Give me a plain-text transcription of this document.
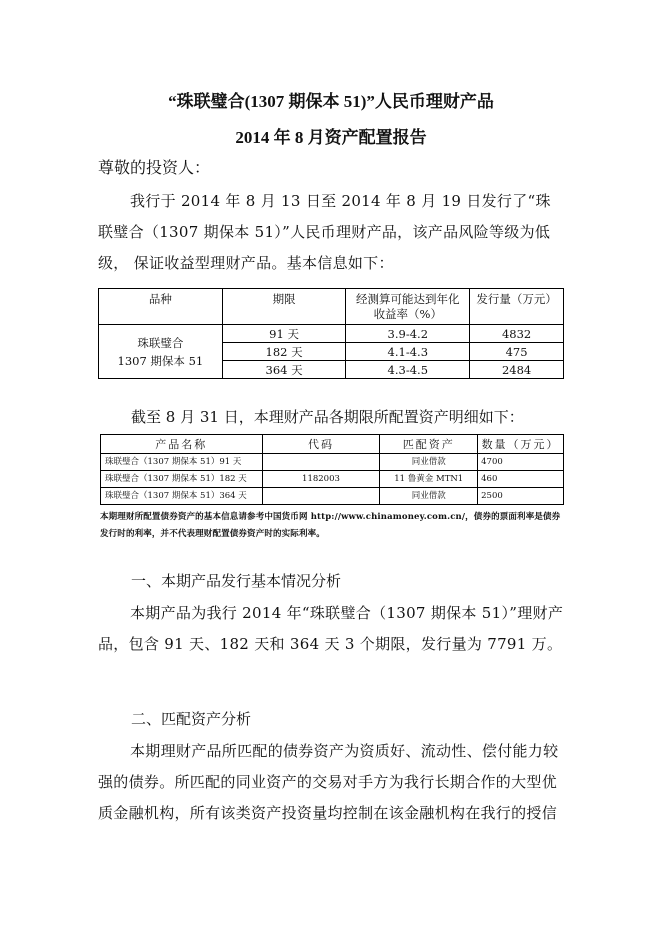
“珠联璧合(1307 期保本 51)”人民币理财产品
2014 年 8 月资产配置报告
尊敬的投资人：
我行于 2014 年 8 月 13 日至 2014 年 8 月 19 日发行了“珠联璧合（1307 期保本 51）”人民币理财产品，该产品风险等级为低级， 保证收益型理财产品。基本信息如下：
品种	期限	经测算可能达到年化收益率（%）	发行量（万元）
珠联璧合
1307 期保本 51	91 天	3.9-4.2	4832
	182 天	4.1-4.3	475
	364 天	4.3-4.5	2484
截至 8 月 31 日，本理财产品各期限所配置资产明细如下：
产品名称	代码	匹配资产	数量（万元）
珠联璧合（1307 期保本 51）91 天		同业借款	4700
珠联璧合（1307 期保本 51）182 天	1182003	11 鲁黄金 MTN1	460
珠联璧合（1307 期保本 51）364 天		同业借款	2500
本期理财所配置债券资产的基本信息请参考中国货币网 http://www.chinamoney.com.cn/，债券的票面利率是债券发行时的利率，并不代表理财配置债券资产时的实际利率。
一、本期产品发行基本情况分析
本期产品为我行 2014 年“珠联璧合（1307 期保本 51）”理财产品，包含 91 天、182 天和 364 天 3 个期限，发行量为 7791 万。
二、匹配资产分析
本期理财产品所匹配的债券资产为资质好、流动性、偿付能力较强的债券。所匹配的同业资产的交易对手方为我行长期合作的大型优质金融机构，所有该类资产投资量均控制在该金融机构在我行的授信
